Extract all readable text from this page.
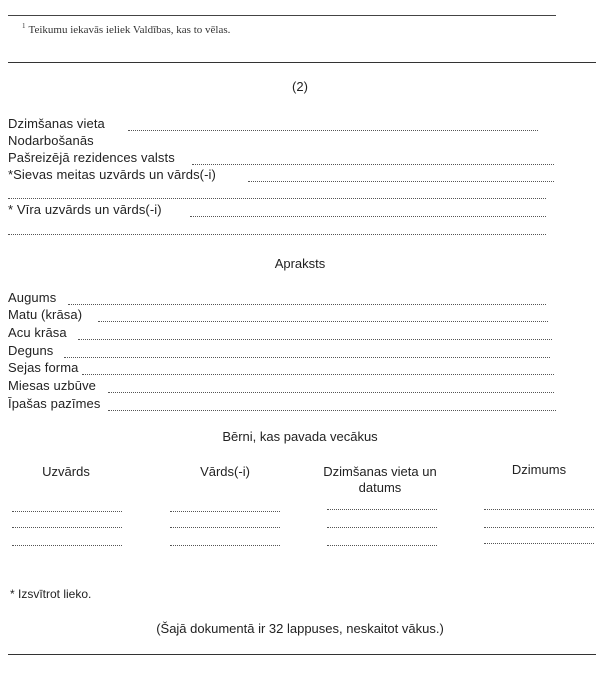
$^1$ Teikumu iekavās ieliek Valdības, kas to vēlas.
(2)
Dzimšanas vieta
Nodarbošanās
Pašreizējā rezidences valsts
*Sievas meitas uzvārds un vārds(-i)
* Vīra uzvārds un vārds(-i)
Apraksts
Augums
Matu (krāsa)
Acu krāsa
Deguns
Sejas forma
Miesas uzbūve
Īpašas pazīmes
Bērni, kas pavada vecākus
Uzvārds	Vārds(-i)	Dzimšanas vieta un datums
Dzimums
* Izsvītrot lieko.
(Šajā dokumentā ir 32 lappuses, neskaitot vākus.)
